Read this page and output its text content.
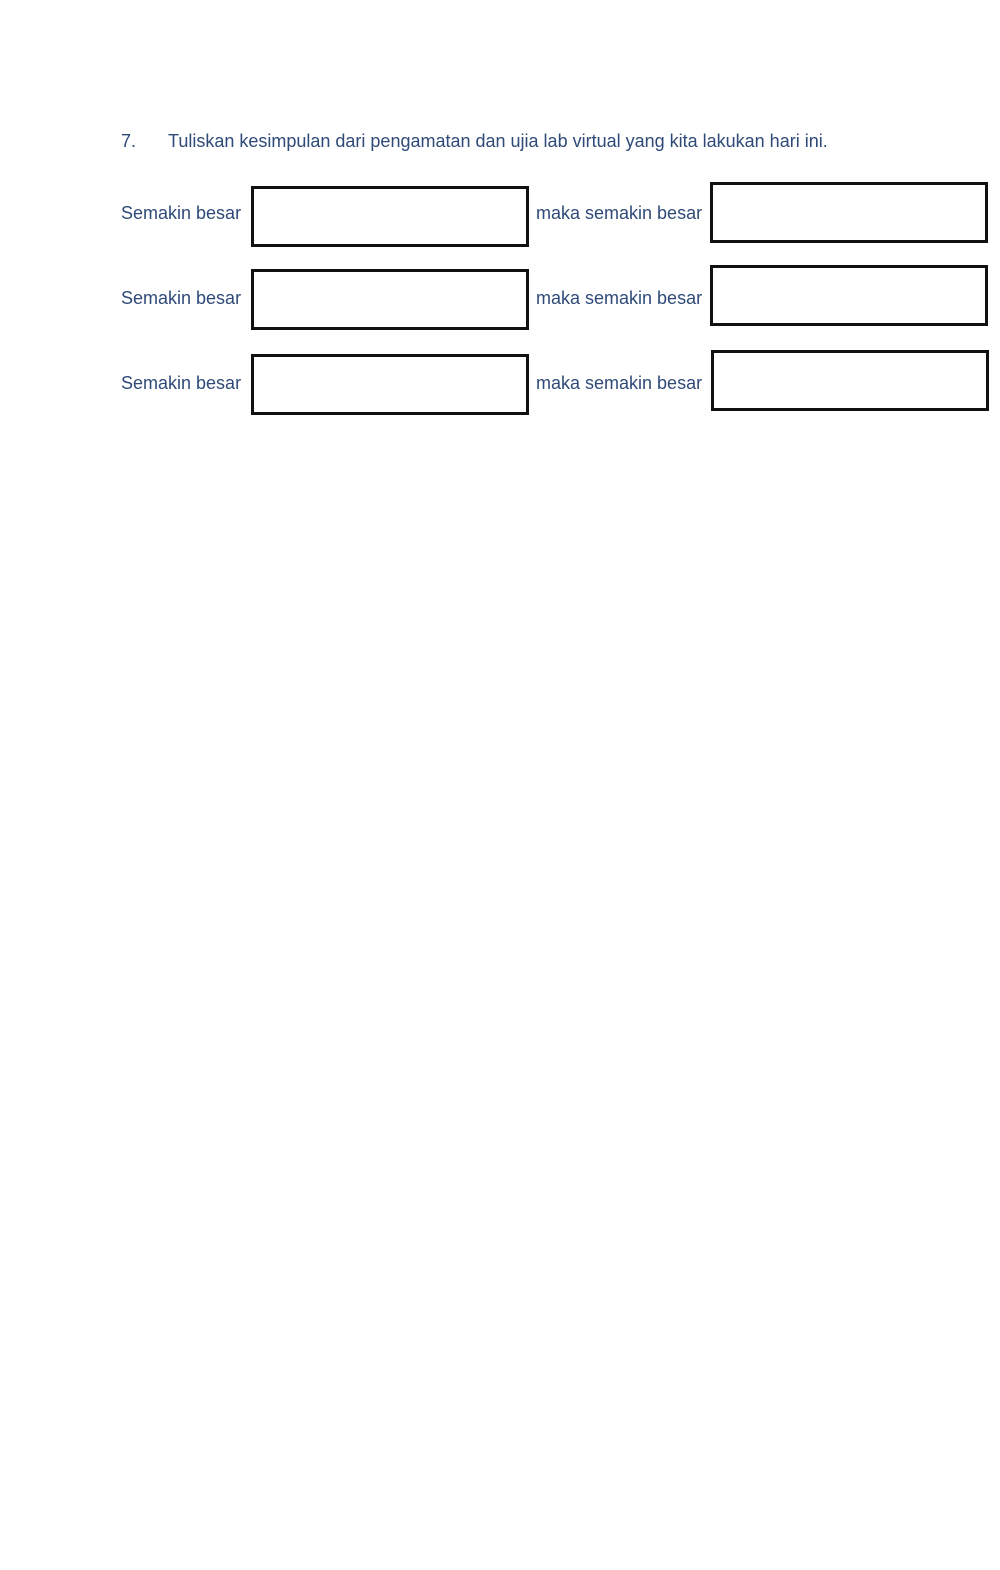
7. Tuliskan kesimpulan dari pengamatan dan ujia lab virtual yang kita lakukan hari ini.
Semakin besar	maka semakin besar
Semakin besar	maka semakin besar
Semakin besar	maka semakin besar
